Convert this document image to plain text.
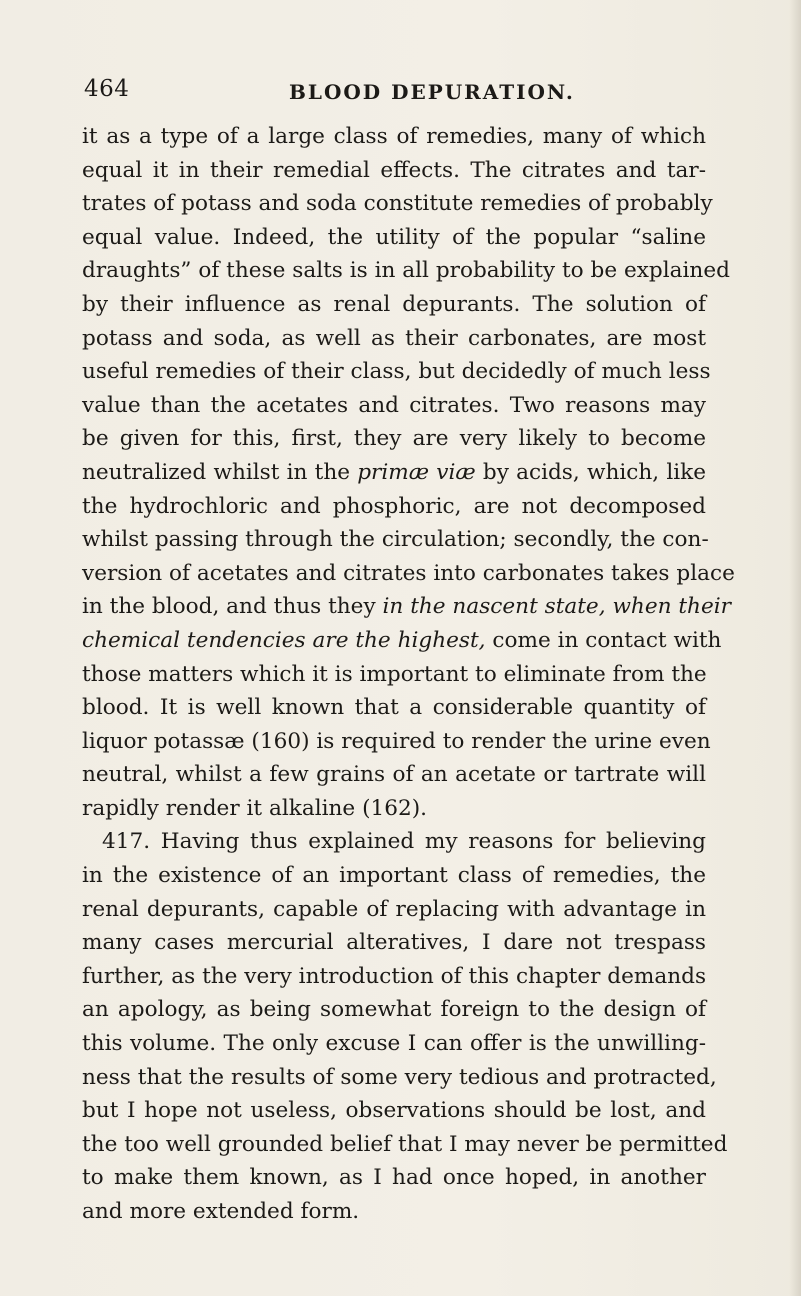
464	BLOOD DEPURATION.
it as a type of a large class of remedies, many of which
equal it in their remedial effects. The citrates and tar-
trates of potass and soda constitute remedies of probably
equal value. Indeed, the utility of the popular “saline
draughts” of these salts is in all probability to be explained
by their influence as renal depurants. The solution of
potass and soda, as well as their carbonates, are most
useful remedies of their class, but decidedly of much less
value than the acetates and citrates. Two reasons may
be given for this, first, they are very likely to become
neutralized whilst in the primæ viæ by acids, which, like
the hydrochloric and phosphoric, are not decomposed
whilst passing through the circulation; secondly, the con-
version of acetates and citrates into carbonates takes place
in the blood, and thus they in the nascent state, when their
chemical tendencies are the highest, come in contact with
those matters which it is important to eliminate from the
blood. It is well known that a considerable quantity of
liquor potassæ (160) is required to render the urine even
neutral, whilst a few grains of an acetate or tartrate will
rapidly render it alkaline (162).
417. Having thus explained my reasons for believing
in the existence of an important class of remedies, the
renal depurants, capable of replacing with advantage in
many cases mercurial alteratives, I dare not trespass
further, as the very introduction of this chapter demands
an apology, as being somewhat foreign to the design of
this volume. The only excuse I can offer is the unwilling-
ness that the results of some very tedious and protracted,
but I hope not useless, observations should be lost, and
the too well grounded belief that I may never be permitted
to make them known, as I had once hoped, in another
and more extended form.
